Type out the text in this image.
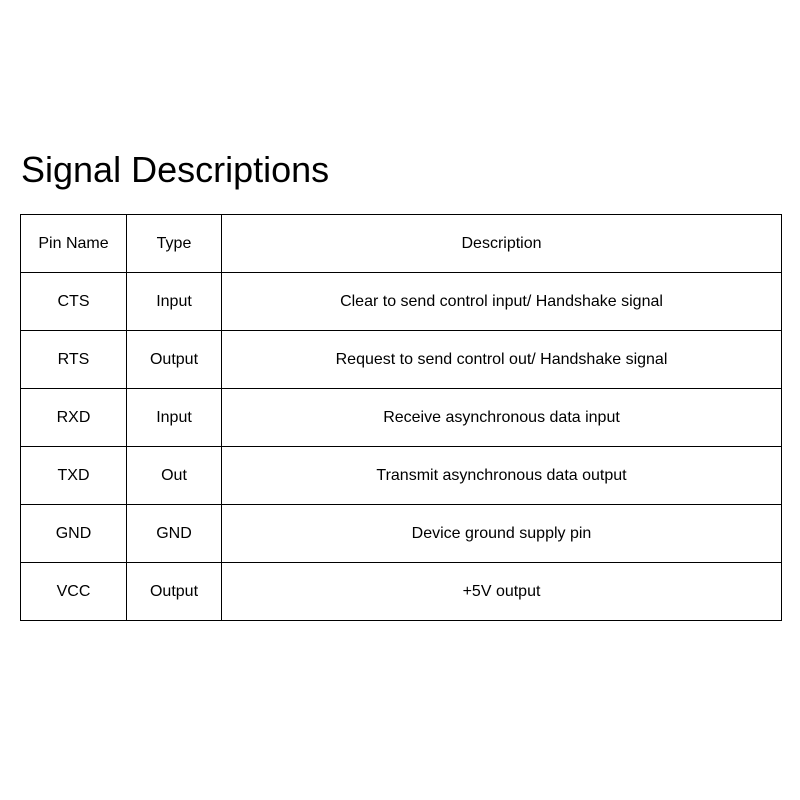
Signal Descriptions
Pin Name	Type	Description
CTS	Input	Clear to send control input/ Handshake signal
RTS	Output	Request to send control out/ Handshake signal
RXD	Input	Receive asynchronous data input
TXD	Out	Transmit asynchronous data output
GND	GND	Device ground supply pin
VCC	Output	+5V output
